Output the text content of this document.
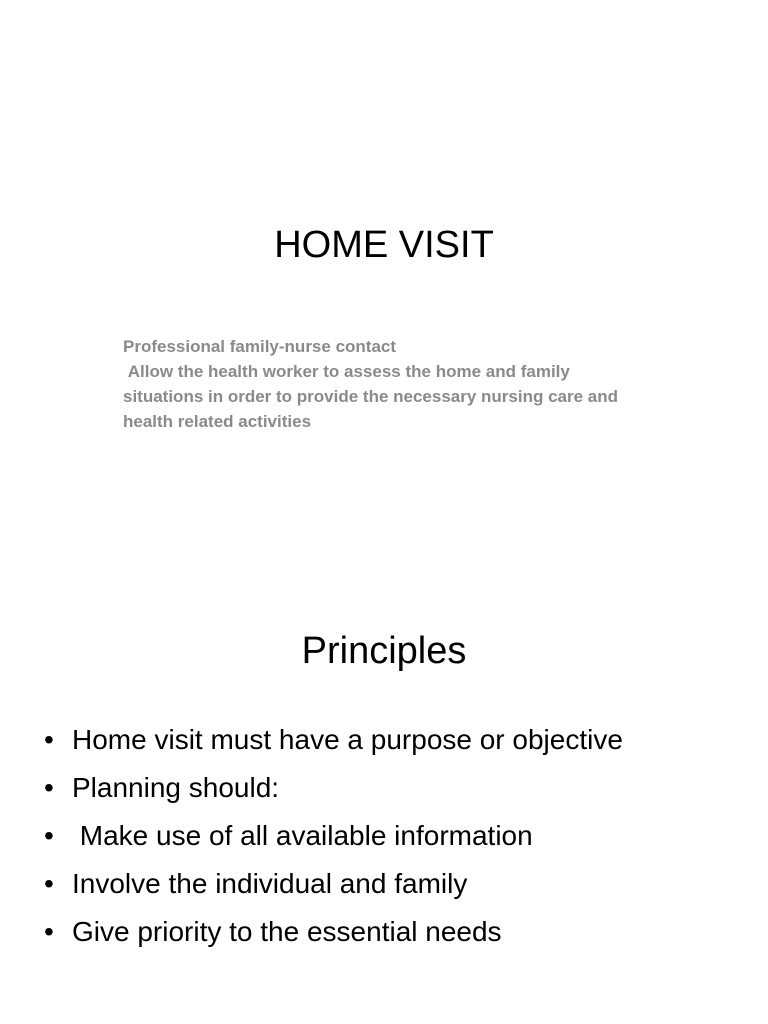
HOME VISIT
Professional family-nurse contact
Allow the health worker to assess the home and family situations in order to provide the necessary nursing care and
health related activities
Principles
• Home visit must have a purpose or objective
• Planning should:
• Make use of all available information
• Involve the individual and family
• Give priority to the essential needs
